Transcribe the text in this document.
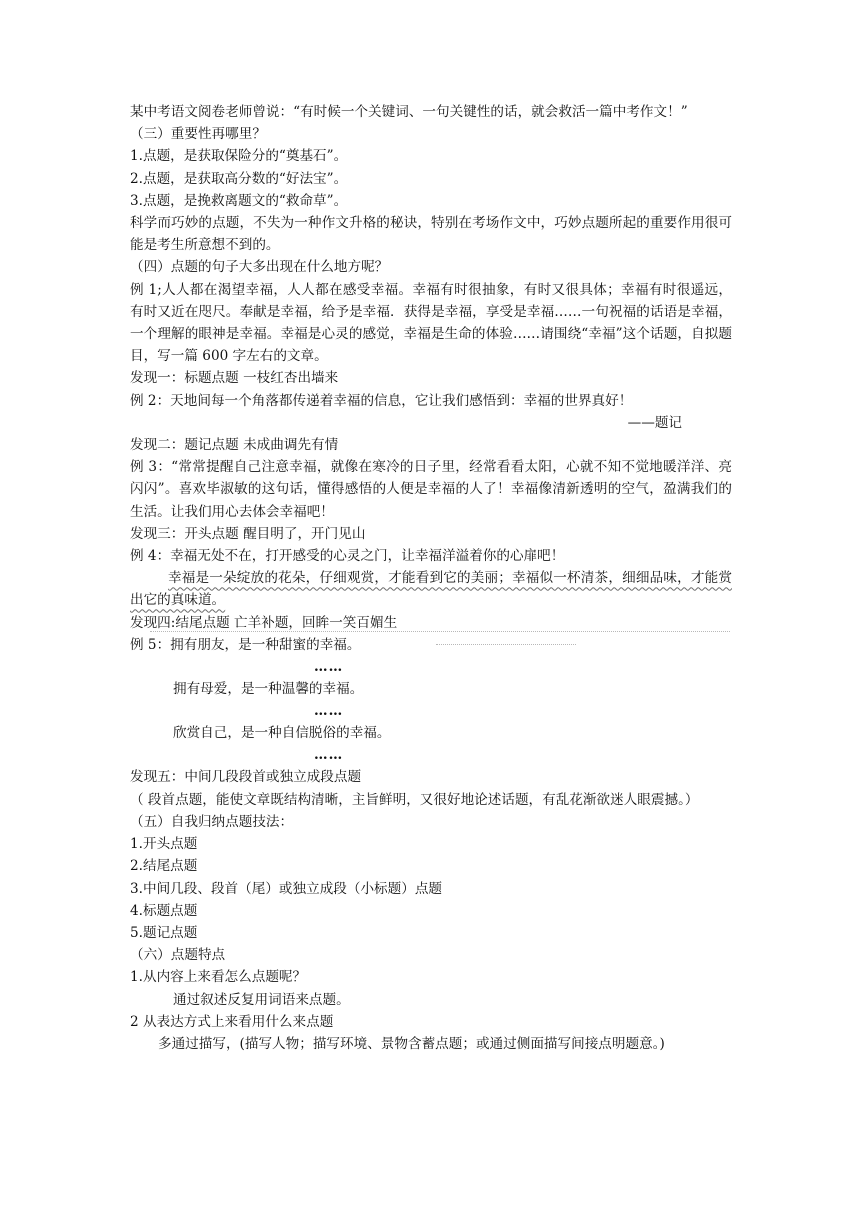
某中考语文阅卷老师曾说：“有时候一个关键词、一句关键性的话，就会救活一篇中考作文！”

（三）重要性再哪里？

1.点题，是获取保险分的“奠基石”。

2.点题，是获取高分数的“好法宝”。

3.点题，是挽救离题文的“救命草”。

科学而巧妙的点题，不失为一种作文升格的秘诀，特别在考场作文中，巧妙点题所起的重要作用很可能是考生所意想不到的。

（四）点题的句子大多出现在什么地方呢？

例 1;人人都在渴望幸福，人人都在感受幸福。幸福有时很抽象，有时又很具体；幸福有时很遥远，有时又近在咫尺。奉献是幸福，给予是幸福．获得是幸福，享受是幸福……一句祝福的话语是幸福，一个理解的眼神是幸福。幸福是心灵的感觉，幸福是生命的体验……请围绕“幸福”这个话题，自拟题目，写一篇 600 字左右的文章。

发现一：标题点题 一枝红杏出墙来

例 2：天地间每一个角落都传递着幸福的信息，它让我们感悟到：幸福的世界真好！

——题记

发现二：题记点题 未成曲调先有情

例 3：“常常提醒自己注意幸福，就像在寒冷的日子里，经常看看太阳，心就不知不觉地暖洋洋、亮闪闪”。喜欢毕淑敏的这句话，懂得感悟的人便是幸福的人了！幸福像清新透明的空气，盈满我们的生活。让我们用心去体会幸福吧！

发现三：开头点题 醒目明了，开门见山

例 4：幸福无处不在，打开感受的心灵之门，让幸福洋溢着你的心扉吧！

幸福是一朵绽放的花朵，仔细观赏，才能看到它的美丽；幸福似一杯清茶，细细品味，才能赏出它的真味道。

发现四:结尾点题 亡羊补题，回眸一笑百媚生

例 5：拥有朋友，是一种甜蜜的幸福。

……

拥有母爱，是一种温馨的幸福。

……

欣赏自己，是一种自信脱俗的幸福。

……

发现五：中间几段段首或独立成段点题

（ 段首点题，能使文章既结构清晰，主旨鲜明，又很好地论述话题，有乱花渐欲迷人眼震撼。）

（五）自我归纳点题技法：

1.开头点题

2.结尾点题

3.中间几段、段首（尾）或独立成段（小标题）点题

4.标题点题

5.题记点题

（六）点题特点

1.从内容上来看怎么点题呢？

通过叙述反复用词语来点题。

2 从表达方式上来看用什么来点题

多通过描写，(描写人物；描写环境、景物含蓄点题；或通过侧面描写间接点明题意。)
